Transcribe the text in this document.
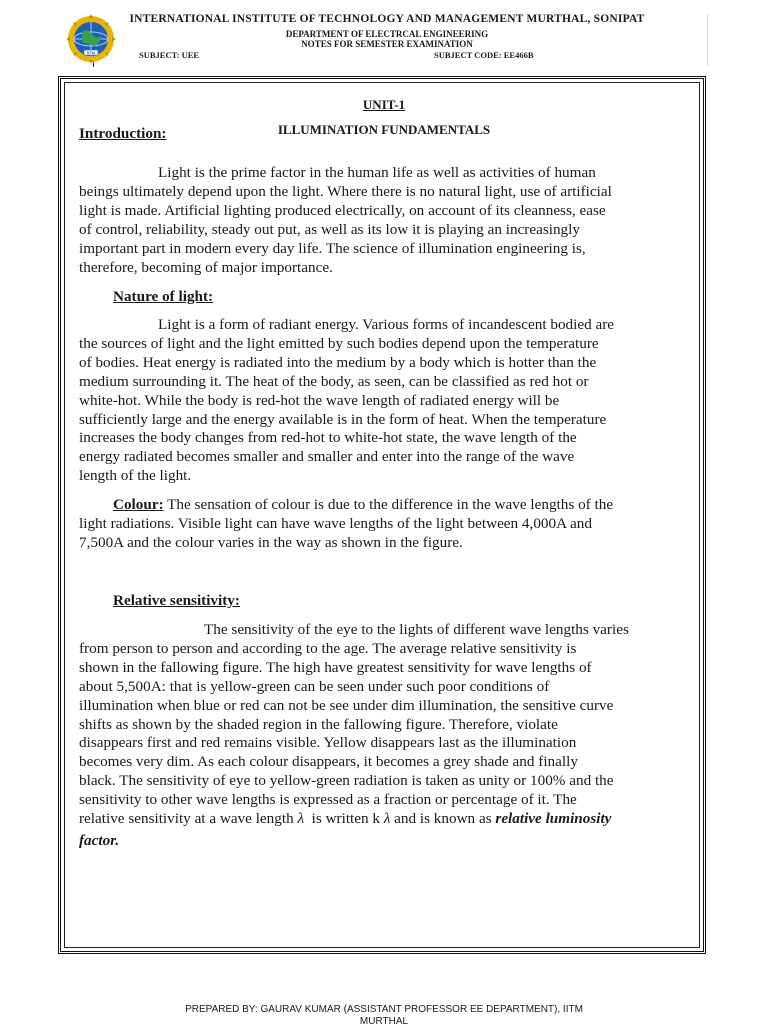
IITM
INTERNATIONAL INSTITUTE OF TECHNOLOGY AND MANAGEMENT MURTHAL, SONIPAT
DEPARTMENT OF ELECTRCAL ENGINEERING
NOTES FOR SEMESTER EXAMINATION
SUBJECT: UEE	SUBJECT CODE: EE466B
UNIT-1
ILLUMINATION FUNDAMENTALS
Introduction:
Light is the prime factor in the human life as well as activities of human
beings ultimately depend upon the light. Where there is no natural light, use of artificial
light is made. Artificial lighting produced electrically, on account of its cleanness, ease
of control, reliability, steady out put, as well as its low it is playing an increasingly
important part in modern every day life. The science of illumination engineering is,
therefore, becoming of major importance.
Nature of light:
Light is a form of radiant energy. Various forms of incandescent bodied are
the sources of light and the light emitted by such bodies depend upon the temperature
of bodies. Heat energy is radiated into the medium by a body which is hotter than the
medium surrounding it. The heat of the body, as seen, can be classified as red hot or
white-hot. While the body is red-hot the wave length of radiated energy will be
sufficiently large and the energy available is in the form of heat. When the temperature
increases the body changes from red-hot to white-hot state, the wave length of the
energy radiated becomes smaller and smaller and enter into the range of the wave
length of the light.
Colour: The sensation of colour is due to the difference in the wave lengths of the
light radiations. Visible light can have wave lengths of the light between 4,000A and
7,500A and the colour varies in the way as shown in the figure.
Relative sensitivity:
The sensitivity of the eye to the lights of different wave lengths varies
from person to person and according to the age. The average relative sensitivity is
shown in the fallowing figure. The high have greatest sensitivity for wave lengths of
about 5,500A: that is yellow-green can be seen under such poor conditions of
illumination when blue or red can not be see under dim illumination, the sensitive curve
shifts as shown by the shaded region in the fallowing figure. Therefore, violate
disappears first and red remains visible. Yellow disappears last as the illumination
becomes very dim. As each colour disappears, it becomes a grey shade and finally
black. The sensitivity of eye to yellow-green radiation is taken as unity or 100% and the
sensitivity to other wave lengths is expressed as a fraction or percentage of it. The
relative sensitivity at a wave length λ  is written k λ and is known as relative luminosity
factor.
PREPARED BY: GAURAV KUMAR (ASSISTANT PROFESSOR EE DEPARTMENT), IITM
MURTHAL
